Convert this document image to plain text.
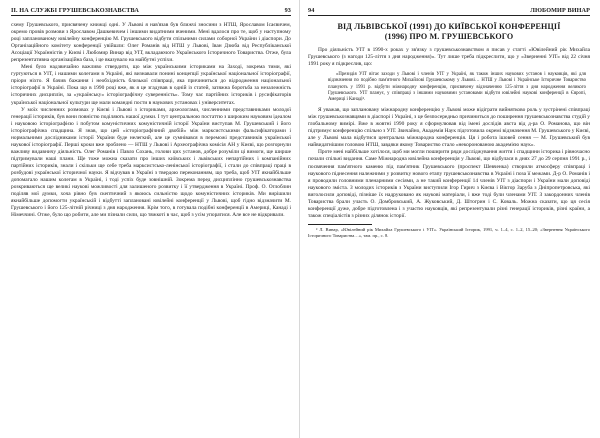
II. НА СЛУЖБІ ГРУШЕВСЬКОЗНАВСТВА	93

схему Грушевського, присвячену книжці одні. У Львові я нав'язав був ближчі зносини з НТШ, Ярославом Ісаєвичем, окремо провів розмови з Ярославом Дашкевичем і іншими видатними вченими. Мені вдалося про те, щоб у наступному році запланованому ювілейну конференцію М. Грушевського відбути спільними силами соборної України і діаспори. До Організаційного комітету конференції увійшли: Олег Романів від НТШ у Львові, Іван Дзюба від Республіканської Асоціації Українністів у Києві і Любомир Винар від УІТ, вкладаючого Українського Історичного Товариства. Отже, була репрезентативна організаційна база, і це вказувало на майбутні успіхи.

Мені було надзвичайно важливо ствердити, що між українськими істориками на Заході, зокрема тими, які гуртуються в УІТ, і нашими колегами в Україні, які визнавали понині концепції української національної історіографії, пріори ніхто. Я бачив бажання і необхідність близької співпраці, яка причиниться до відродження національної історіографії в Україні. Пока що в 1990 році вже, як я це згадував в одній із статей, затяжна боротьба за незалежність історичних дисциплін, за «українську» історіографічну суверенність». Тому час партійних істориків і русифікаторів української національної культури ще мали командні пости в наукових установах і університетах.

У моїх численних розмовах у Києві і Львові з істориками, археологами, численними представниками молодої генерації істориків, був вони повністю поділяють нашої думки. І тут центральною постаттю з широким науковим ідеалом і науковою історіографією і побутом комуністичних комуністичній історії України виступав М. Грушевський і його історіографічна спадщина. Я знав, що цей «історіографічний двобій» між марксистськими фальсифікаторами і нормальними дослідниками історії України буде нелегкий, але це сумнівався в переможі представників української наукової історіографії. Перші кроки вже зроблено — НТШ у Львові і Археографічна комісія АН у Києві, що розгорнули важливу видавничу діяльність. Олег Романів і Павло Сохань, голови цих установ, добре розуміли ці вимоги, ще ширше підтримували наші плани. Ще тоже можна сказати про інших київських і львівських непартійних і компанійних партійних істориків, знали і скільки ще себе треба марксистсько-ленінської історіографії, і стали до співпраці праці в розбудові української історичної науки. Я відчував в Україні з твердою переконанням, що треба, щоб УІТ якнайбільше допомагало нашим колегам в Україні, і тоді успіх буде зовнішній. Зокрема перед дисциплінно грушевськознавства розкриваються ще великі наукові можливості для залишеного розвитку і її утвердження в Україні. Проф. О. Оглоблин поділяв мої думки, хоча рівно був скептичний з якоюсь сильністю щодо комуністичних істориків. Ми вирішили якнайбільше допомогти українській і відбутті заплановані ювілейні конференції у Львові, щоб гідно відзначити М. Грушевського і його 125-літній річниці з дня народження. Крім того, в готувала подібні конференції в Америці, Канаді і Німеччині. Отже, було що робити, але ми пізнали сили, що тяжкоті в час, щоб з усім упоратися. Але все не відкривали.

94	ЛЮБОМИР ВИНАР
ВІД ЛЬВІВСЬКОЇ (1991) ДО КИЇВСЬКОЇ КОНФЕРЕНЦІЇ
(1996) ПРО М. ГРУШЕВСЬКОГО

Про діяльність УІТ в 1990-х роках у зв'язку з грушевськознавством я писав у статті «Ювілейний рік Михайла Грушевського (з нагоди 125-ліття з дня народження)». Тут лише треба підкреслити, що у «Зверненні УІТ» від 22 січня 1991 року я підкреслив, що:

«Президія УІТ вітає заходи у Львові і членів УІТ у Україні, як також інших наукових установ і науковців, які для відзначення по подібно пам'ятного Михайлові Грушевському у Львові… НТШ у Львові і Українське Історичне Товариство планують у 1991 р. відбути міжнародну конференцію, присвячену відзначенню 125-ліття з дня народження великого Грушевського. УІТ планує, у співпраці з іншими науковими установами відбути ювілейні наукові конференції в Європі, Америці і Канаді³.

Я уважав, що заплановану міжнародну конференцію у Львові може відіграти вийнятково роль у зустрінені співпраці між грушевськознавцями в діаспорі і Україні, з це безпосередньо причиниться до поширення грушевськознавства студій у глобальному вимірі. Вже в жовтні 1990 року я сформулював від імені дослідів авста від д-ра О. Романова, що він підтримує конференцію спільно з УІТ. Звичайно, Академія Наук підготовила окремі відзначення М. Грушевського у Києві, але у Львові мала відбутися центральна міжнародна конференція. Ця і робота ішовей сення — М. Грушевський був найвидатнішим головою НТШ, завдяки якому Товариство стало «некоронованою академією наук».

Проте мені найбільше хотілося, щоб ми могли поширити ряди досліджування життя і спадщини історика і рівночасно почали спільні видання. Саме Міжнародна ювілейна конференція у Львові, що відбулася в днях 27 до 29 серпня 1991 р., і посвячення пам'ятного каменю під пам'ятник Грушевського (проспект Шевченка) створили атмосферу співпраці і наукового піднесення належними у розвитку нового етапу грушевськознавства в Україні і поза її межами. Д-р О. Романів і я проводили головними пленарними сесіями, а не такий конференції 14 членів УІТ з діаспори і України мали доповіді наукового зміста. З молодих істориків з України виступили Ігор Гирич з Києва і Віктор Заруба з Дніпропетровська, які виголосили доповіді, пізніше їх надруковано як наукові матеріали, і вже тоді були членами УІТ. З закордонних членів Товариства брали участь О. Домбровський, А. Жуковський, Д. Штогрин і С. Коваль. Можна сказати, що ця сесія конференції дуже, добре підготовлена і з участю науковців, які репрезентували різні генерації істориків, різні країни, а також спеціалістів з різних ділянок історії.

³ Л. Винар, «Ювілейний рік Михайла Грушевського і УІТ». Український Історик, 1991, ч. 1–4, с. 1–2, 15–20; «Звернення Українського Історичного Товариства…», там. пр., с. 8.
